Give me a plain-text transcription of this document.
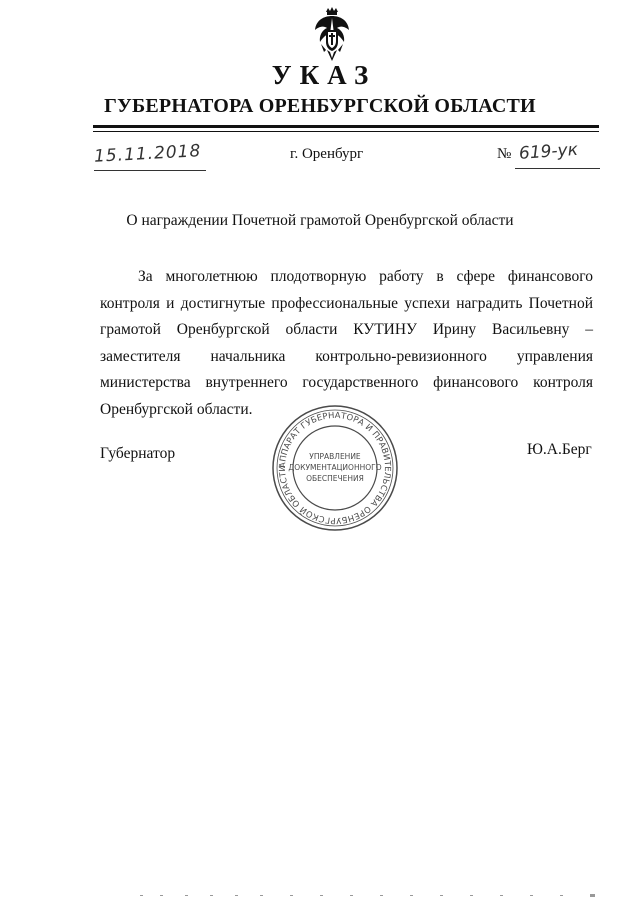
УКАЗ
ГУБЕРНАТОРА ОРЕНБУРГСКОЙ ОБЛАСТИ
15.11.2018	г. Оренбург	№ 619-ук
О награждении Почетной грамотой Оренбургской области
За многолетнюю плодотворную работу в сфере финансового контроля и достигнутые профессиональные успехи наградить Почетной грамотой Оренбургской области КУТИНУ Ирину Васильевну – заместителя начальника контрольно-ревизионного управления министерства внутреннего государственного финансового контроля Оренбургской области.
Губернатор
АППАРАТ ГУБЕРНАТОРА И ПРАВИТЕЛЬСТВА ОРЕНБУРГСКОЙ ОБЛАСТИ
УПРАВЛЕНИЕ
ДОКУМЕНТАЦИОННОГО
ОБЕСПЕЧЕНИЯ
Ю.А.Берг
